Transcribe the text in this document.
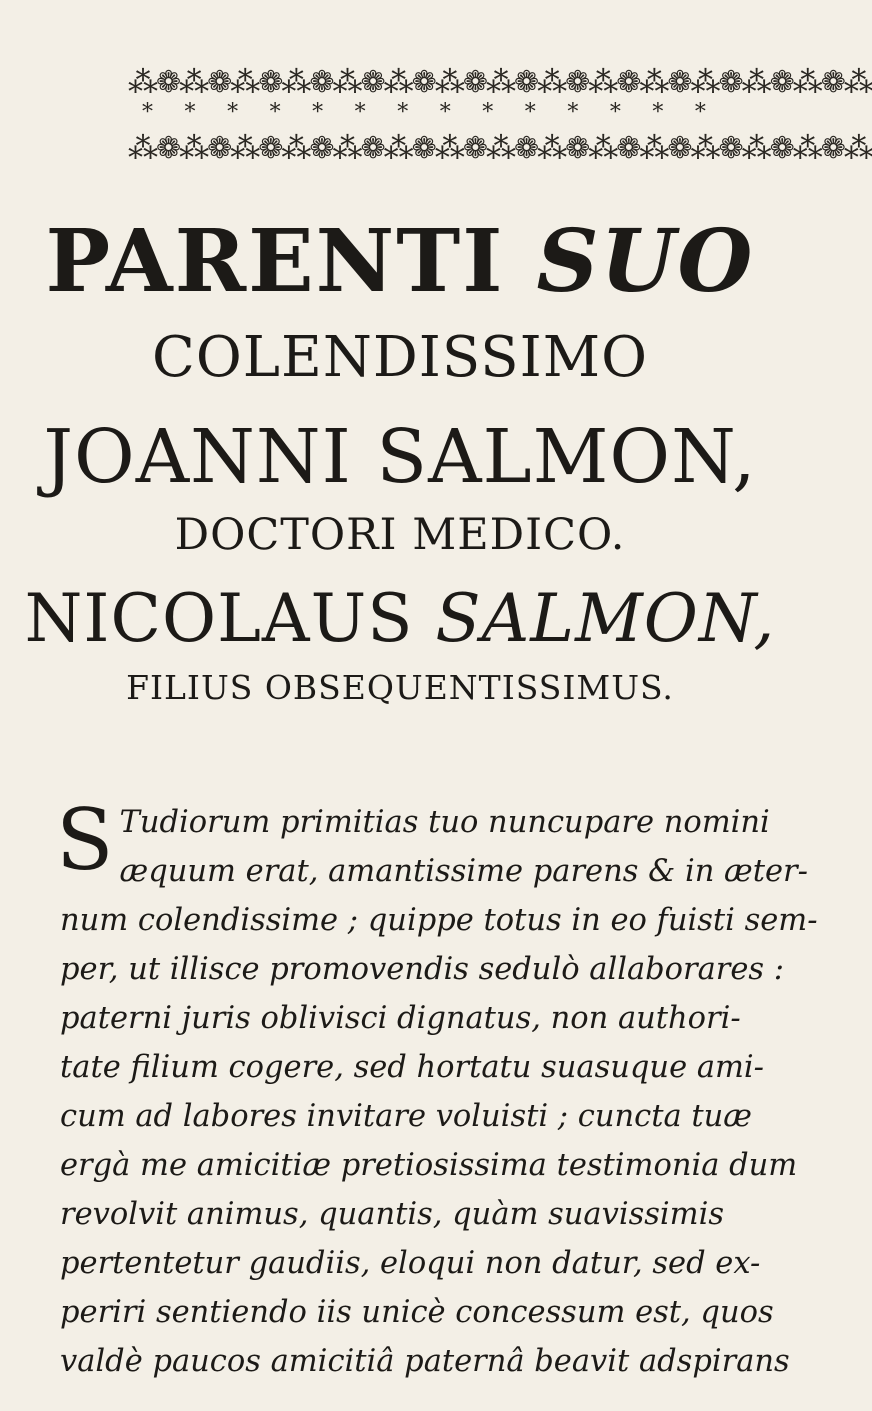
⁂❁⁂❁⁂❁⁂❁⁂❁⁂❁⁂❁⁂❁⁂❁⁂❁⁂❁⁂❁⁂❁⁂❁⁂
* * * * * * * * * * * * * *
⁂❁⁂❁⁂❁⁂❁⁂❁⁂❁⁂❁⁂❁⁂❁⁂❁⁂❁⁂❁⁂❁⁂❁⁂
PARENTI SUO
COLENDISSIMO
JOANNI SALMON,
DOCTORI MEDICO.
NICOLAUS SALMON,
FILIUS OBSEQUENTISSIMUS.
S Tudiorum primitias tuo nuncupare nomini
æquum erat, amantissime parens & in æter-
num colendissime ; quippe totus in eo fuisti sem-
per, ut illisce promovendis sedulò allaborares :
paterni juris oblivisci dignatus, non authori-
tate filium cogere, sed hortatu suasuque ami-
cum ad labores invitare voluisti ; cuncta tuæ
ergà me amicitiæ pretiosissima testimonia dum
revolvit animus, quantis, quàm suavissimis
pertentetur gaudiis, eloqui non datur, sed ex-
periri sentiendo iis unicè concessum est, quos
valdè paucos amicitiâ paternâ beavit adspirans
